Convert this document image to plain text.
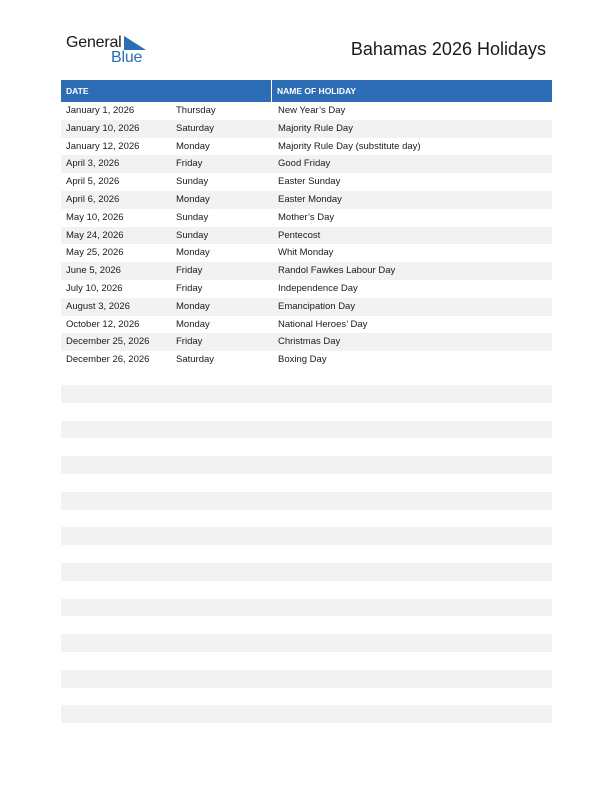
General
Blue	Bahamas 2026 Holidays
DATE	NAME OF HOLIDAY
January 1, 2026	Thursday	New Year’s Day
January 10, 2026	Saturday	Majority Rule Day
January 12, 2026	Monday	Majority Rule Day (substitute day)
April 3, 2026	Friday	Good Friday
April 5, 2026	Sunday	Easter Sunday
April 6, 2026	Monday	Easter Monday
May 10, 2026	Sunday	Mother’s Day
May 24, 2026	Sunday	Pentecost
May 25, 2026	Monday	Whit Monday
June 5, 2026	Friday	Randol Fawkes Labour Day
July 10, 2026	Friday	Independence Day
August 3, 2026	Monday	Emancipation Day
October 12, 2026	Monday	National Heroes’ Day
December 25, 2026	Friday	Christmas Day
December 26, 2026	Saturday	Boxing Day
